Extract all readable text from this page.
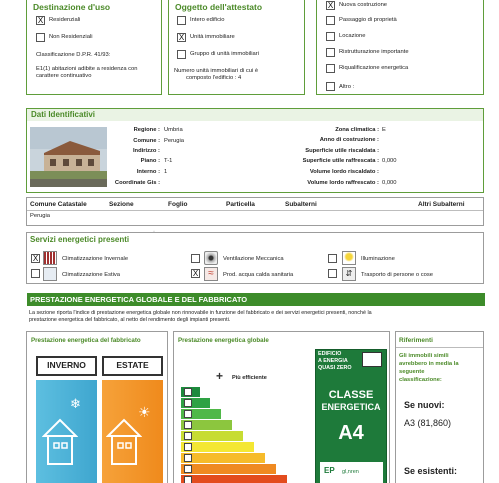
Destinazione d'uso
X	Residenziali
Non Residenziali
Classificazione D.P.R. 41/93:
E1(1) abitazioni adibite a residenza con
carattere continuativo
Oggetto dell'attestato
Intero edificio
X	Unità immobiliare
Gruppo di unità immobiliari
Numero unità immobiliari di cui è
composto l'edificio : 4
X	Nuova costruzione
Passaggio di proprietà
Locazione
Ristrutturazione importante
Riqualificazione energetica
Altro :
Dati Identificativi
Regione : Umbria
Comune : Perugia
Indirizzo :
Piano : T-1
Interno : 1
Coordinate Gis :
Zona climatica : E
Anno di costruzione :
Superficie utile riscaldata :
Superficie utile raffrescata : 0,000
Volume lordo riscaldato :
Volume lordo raffrescato : 0,000
Comune Catastale	Sezione	Foglio	Particella	Subalterni	Altri Subalterni
Perugia
Servizi energetici presenti
X	Climatizzazione Invernale
Climatizzazione Estiva
Ventilazione Meccanica
X	≈	Prod. acqua calda sanitaria
Illuminazione
⇵	Trasporto di persone o cose
PRESTAZIONE ENERGETICA GLOBALE E DEL FABBRICATO
La sezione riporta l'indice di prestazione energetica globale non rinnovabile in funzione del fabbricato e dei servizi energetici presenti, nonché la
prestazione energetica del fabbricato, al netto del rendimento degli impianti presenti.
Prestazione energetica del fabbricato
INVERNO	ESTATE
❄
☀
Prestazione energetica globale
+ Più efficiente
EDIFICIO
A ENERGIA
QUASI ZERO
CLASSE
ENERGETICA
A4
EP gl,nren
Riferimenti
Gli immobili simili
avrebbero in media la
seguente
classificazione:
Se nuovi:
A3 (81,860)
Se esistenti:
